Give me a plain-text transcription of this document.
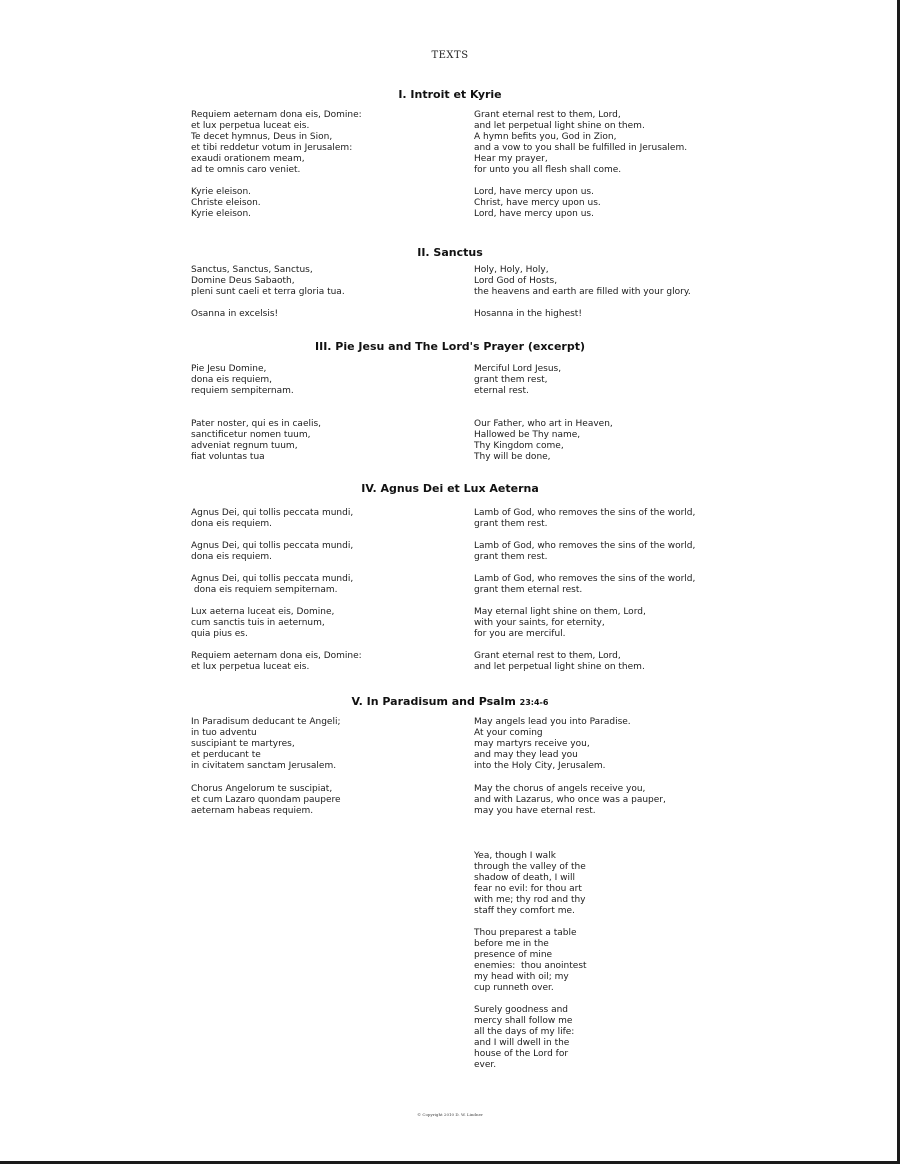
TEXTS
I. Introit et Kyrie

Requiem aeternam dona eis, Domine:
et lux perpetua luceat eis.
Te decet hymnus, Deus in Sion,
et tibi reddetur votum in Jerusalem:
exaudi orationem meam,
ad te omnis caro veniet.

Grant eternal rest to them, Lord,
and let perpetual light shine on them.
A hymn befits you, God in Zion,
and a vow to you shall be fulfilled in Jerusalem.
Hear my prayer,
for unto you all flesh shall come.

Kyrie eleison.
Christe eleison.
Kyrie eleison.

Lord, have mercy upon us.
Christ, have mercy upon us.
Lord, have mercy upon us.

II. Sanctus

Sanctus, Sanctus, Sanctus,
Domine Deus Sabaoth,
pleni sunt caeli et terra gloria tua.

Holy, Holy, Holy,
Lord God of Hosts,
the heavens and earth are filled with your glory.

Osanna in excelsis!	Hosanna in the highest!

III. Pie Jesu and The Lord's Prayer (excerpt)

Pie Jesu Domine,
dona eis requiem,
requiem sempiternam.

Merciful Lord Jesus,
grant them rest,
eternal rest.

Pater noster, qui es in caelis,
sanctificetur nomen tuum,
adveniat regnum tuum,
fiat voluntas tua

Our Father, who art in Heaven,
Hallowed be Thy name,
Thy Kingdom come,
Thy will be done,

IV. Agnus Dei et Lux Aeterna

Agnus Dei, qui tollis peccata mundi,
dona eis requiem.

Lamb of God, who removes the sins of the world,
grant them rest.

Agnus Dei, qui tollis peccata mundi,
dona eis requiem.

Lamb of God, who removes the sins of the world,
grant them rest.

Agnus Dei, qui tollis peccata mundi,
dona eis requiem sempiternam.

Lamb of God, who removes the sins of the world,
grant them eternal rest.

Lux aeterna luceat eis, Domine,
cum sanctis tuis in aeternum,
quia pius es.

May eternal light shine on them, Lord,
with your saints, for eternity,
for you are merciful.

Requiem aeternam dona eis, Domine:
et lux perpetua luceat eis.

Grant eternal rest to them, Lord,
and let perpetual light shine on them.

V. In Paradisum and Psalm 23:4-6

In Paradisum deducant te Angeli;
in tuo adventu
suscipiant te martyres,
et perducant te
in civitatem sanctam Jerusalem.

May angels lead you into Paradise.
At your coming
may martyrs receive you,
and may they lead you
into the Holy City, Jerusalem.

Chorus Angelorum te suscipiat,
et cum Lazaro quondam paupere
aeternam habeas requiem.

May the chorus of angels receive you,
and with Lazarus, who once was a pauper,
may you have eternal rest.

Yea, though I walk
through the valley of the
shadow of death, I will
fear no evil: for thou art
with me; thy rod and thy
staff they comfort me.

Thou preparest a table
before me in the
presence of mine
enemies:  thou anointest
my head with oil; my
cup runneth over.

Surely goodness and
mercy shall follow me
all the days of my life:
and I will dwell in the
house of the Lord for
ever.

© Copyright 2010 D. W. Lindner
